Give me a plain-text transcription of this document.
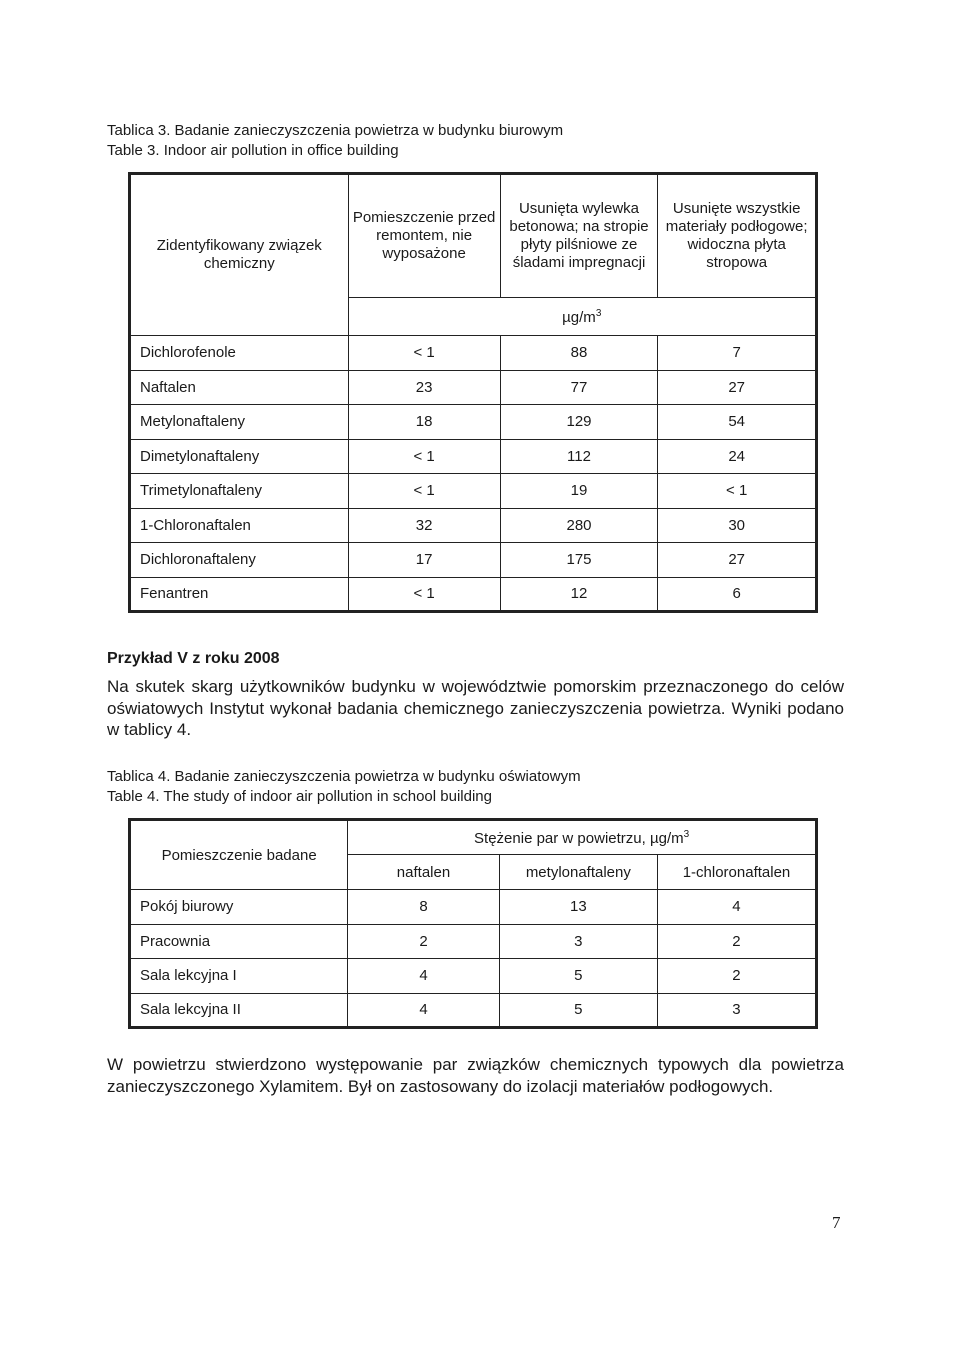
Tablica 3. Badanie zanieczyszczenia powietrza w budynku biurowym
Table 3. Indoor air pollution in office building
Zidentyfikowany związek chemiczny	Pomieszczenie przed remontem, nie wyposażone	Usunięta wylewka betonowa; na stropie płyty pilśniowe ze śladami impregnacji	Usunięte wszystkie materiały podłogowe; widoczna płyta stropowa
	$\mu g/m^3$
Dichlorofenole	< 1	88	7
Naftalen	23	77	27
Metylonaftaleny	18	129	54
Dimetylonaftaleny	< 1	112	24
Trimetylonaftaleny	< 1	19	< 1
1-Chloronaftalen	32	280	30
Dichloronaftaleny	17	175	27
Fenantren	< 1	12	6
Przykład V z roku 2008
Na skutek skarg użytkowników budynku w województwie pomorskim przeznaczonego do celów oświatowych Instytut wykonał badania chemicznego zanieczyszczenia powietrza. Wyniki podano w tablicy 4.
Tablica 4. Badanie zanieczyszczenia powietrza w budynku oświatowym
Table 4. The study of indoor air pollution in school building
Pomieszczenie badane	Stężenie par w powietrzu, $\mu g/m^3$
	naftalen	metylonaftaleny	1-chloronaftalen
Pokój biurowy	8	13	4
Pracownia	2	3	2
Sala lekcyjna I	4	5	2
Sala lekcyjna II	4	5	3
W powietrzu stwierdzono występowanie par związków chemicznych typowych dla powietrza zanieczyszczonego Xylamitem. Był on zastosowany do izolacji materiałów podłogowych.
7
